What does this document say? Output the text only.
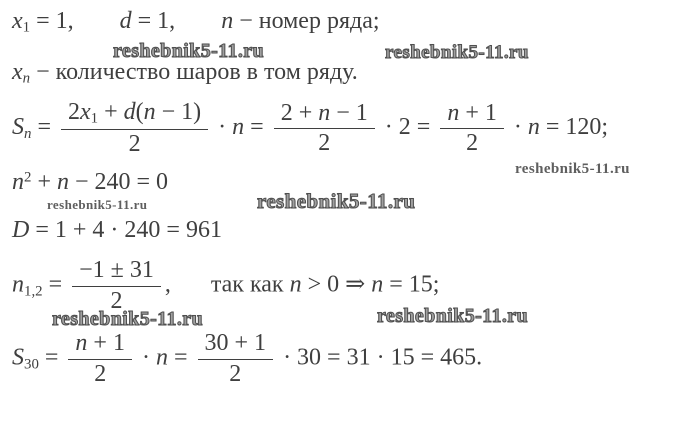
reshebnik5-11.ru	reshebnik5-11.ru
reshebnik5-11.ru
reshebnik5-11.ru
reshebnik5-11.ru
reshebnik5-11.ru	reshebnik5-11.ru
x1 = 1, d = 1, n − номер ряда;
xn − количество шаров в том ряду.
$Sn = \frac{2x1 + d(n - 1)}{2} \cdot n = \frac{2 + n - 1}{2} \cdot 2 = \frac{n + 1}{2} \cdot n = 120$;
$n^2 + n - 240 = 0$
D = 1 + 4 · 240 = 961
$n1,2 = \frac{-1 \pm 31}{2}$ , так как n > 0 ⇒ n = 15;
$S30 = \frac{n + 1}{2} \cdot n = \frac{30 + 1}{2} \cdot 30 = 31 \cdot 15 = 465$.
